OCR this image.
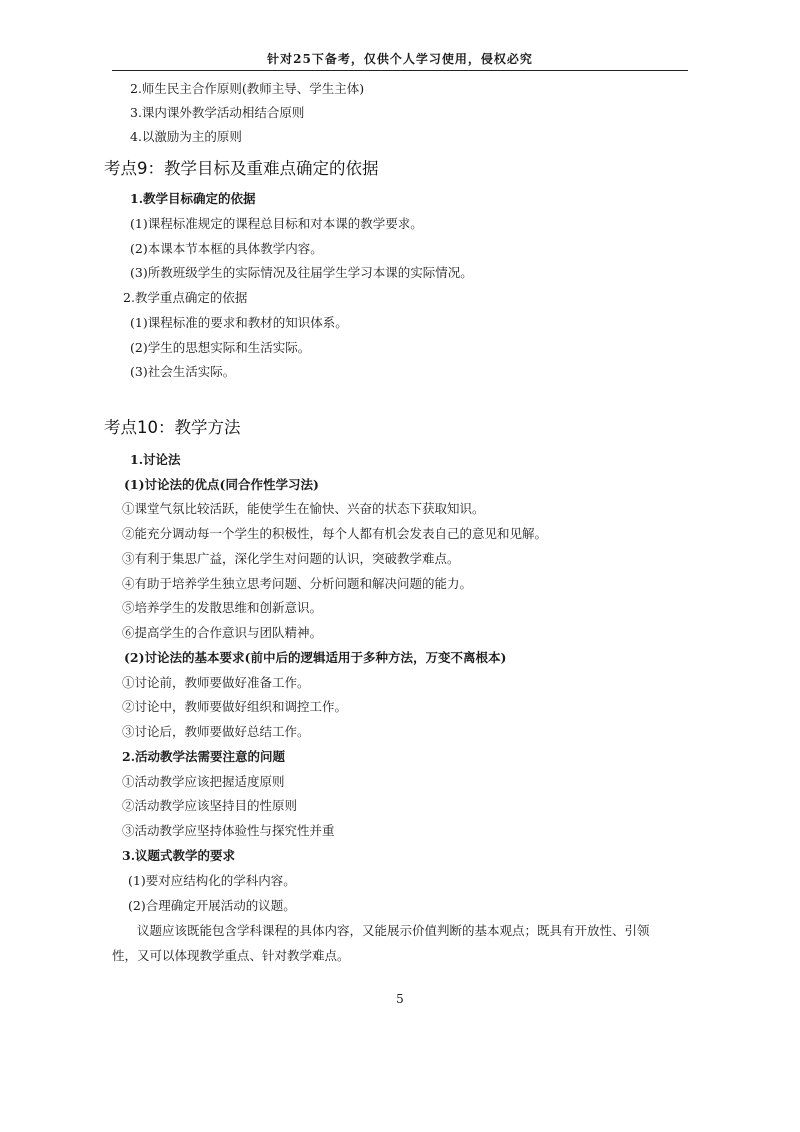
针对25下备考，仅供个人学习使用，侵权必究
2.师生民主合作原则(教师主导、学生主体)
3.课内课外教学活动相结合原则
4.以激励为主的原则
考点9：教学目标及重难点确定的依据
1.教学目标确定的依据
(1)课程标准规定的课程总目标和对本课的教学要求。
(2)本课本节本框的具体教学内容。
(3)所教班级学生的实际情况及往届学生学习本课的实际情况。
2.教学重点确定的依据
(1)课程标准的要求和教材的知识体系。
(2)学生的思想实际和生活实际。
(3)社会生活实际。
考点10：教学方法
1.讨论法
(1)讨论法的优点(同合作性学习法)
①课堂气氛比较活跃，能使学生在愉快、兴奋的状态下获取知识。
②能充分调动每一个学生的积极性，每个人都有机会发表自己的意见和见解。
③有利于集思广益，深化学生对问题的认识，突破教学难点。
④有助于培养学生独立思考问题、分析问题和解决问题的能力。
⑤培养学生的发散思维和创新意识。
⑥提高学生的合作意识与团队精神。
(2)讨论法的基本要求(前中后的逻辑适用于多种方法，万变不离根本)
①讨论前，教师要做好准备工作。
②讨论中，教师要做好组织和调控工作。
③讨论后，教师要做好总结工作。
2.活动教学法需要注意的问题
①活动教学应该把握适度原则
②活动教学应该坚持目的性原则
③活动教学应坚持体验性与探究性并重
3.议题式教学的要求
(1)要对应结构化的学科内容。
(2)合理确定开展活动的议题。
议题应该既能包含学科课程的具体内容，又能展示价值判断的基本观点；既具有开放性、引领性，又可以体现教学重点、针对教学难点。
5
